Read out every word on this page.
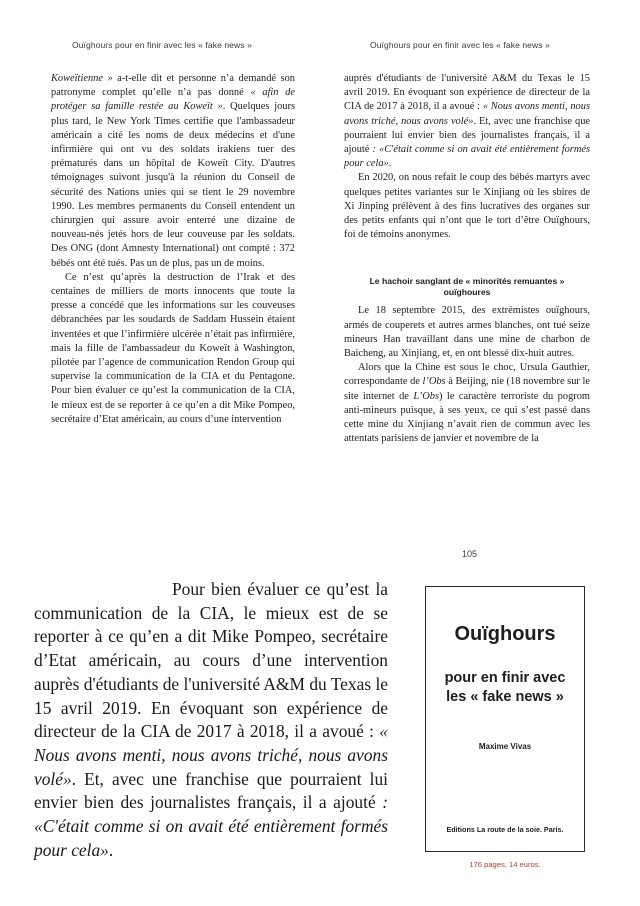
Ouïghours pour en finir avec les « fake news »	Ouïghours pour en finir avec les « fake news »

Koweïtienne » a-t-elle dit et personne n’a demandé son patronyme complet qu’elle n’a pas donné « afin de protéger sa famille restée au Koweït ». Quelques jours plus tard, le New York Times certifie que l'ambassadeur américain a cité les noms de deux médecins et d'une infirmière qui ont vu des soldats irakiens tuer des prématurés dans un hôpital de Koweït City. D'autres témoignages suivont jusqu'à la réunion du Conseil de sécurité des Nations unies qui se tient le 29 novembre 1990. Les membres permanents du Conseil entendent un chirurgien qui assure avoir enterré une dizaine de nouveau-nés jetés hors de leur couveuse par les soldats. Des ONG (dont Amnesty International) ont compté : 372 bébés ont été tués. Pas un de plus, pas un de moins.

Ce n’est qu’après la destruction de l’Irak et des centaines de milliers de morts innocents que toute la presse a concédé que les informations sur les couveuses débranchées par les soudards de Saddam Hussein étaient inventées et que l’infirmière ulcérée n’était pas infirmière, mais la fille de l'ambassadeur du Koweït à Washington, pilotée par l’agence de communication Rendon Group qui supervise la communication de la CIA et du Pentagone. Pour bien évaluer ce qu’est la communication de la CIA, le mieux est de se reporter à ce qu’en a dit Mike Pompeo, secrétaire d’Etat américain, au cours d’une intervention

auprès d'étudiants de l'université A&M du Texas le 15 avril 2019. En évoquant son expérience de directeur de la CIA de 2017 à 2018, il a avoué : « Nous avons menti, nous avons triché, nous avons volé». Et, avec une franchise que pourraient lui envier bien des journalistes français, il a ajouté : «C'était comme si on avait été entièrement formés pour cela».

En 2020, on nous refait le coup des bébés martyrs avec quelques petites variantes sur le Xinjiang où les sbires de Xi Jinping prélèvent à des fins lucratives des organes sur des petits enfants qui n’ont que le tort d’être Ouïghours, foi de témoins anonymes.

Le hachoir sanglant de « minorités remuantes » ouïghoures

Le 18 septembre 2015, des extrémistes ouïghours, armés de couperets et autres armes blanches, ont tué seize mineurs Han travaillant dans une mine de charbon de Baicheng, au Xinjiang, et, en ont blessé dix-huit autres.

Alors que la Chine est sous le choc, Ursula Gauthier, correspondante de l’Obs à Beijing, nie (18 novembre sur le site internet de L’Obs) le caractère terroriste du pogrom anti-mineurs puisque, à ses yeux, ce qui s’est passé dans cette mine du Xinjiang n’avait rien de commun avec les attentats parisiens de janvier et novembre de la

105

Pour bien évaluer ce qu’est la communication de la CIA, le mieux est de se reporter à ce qu’en a dit Mike Pompeo, secrétaire d’Etat américain, au cours d’une intervention auprès d'étudiants de l'université A&M du Texas le 15 avril 2019. En évoquant son expérience de directeur de la CIA de 2017 à 2018, il a avoué : « Nous avons menti, nous avons triché, nous avons volé». Et, avec une franchise que pourraient lui envier bien des journalistes français, il a ajouté : «C'était comme si on avait été entièrement formés pour cela».

Ouïghours
pour en finir avec les « fake news »
Maxime Vivas
Editions La route de la soie. Paris.
176 pages, 14 euros.
